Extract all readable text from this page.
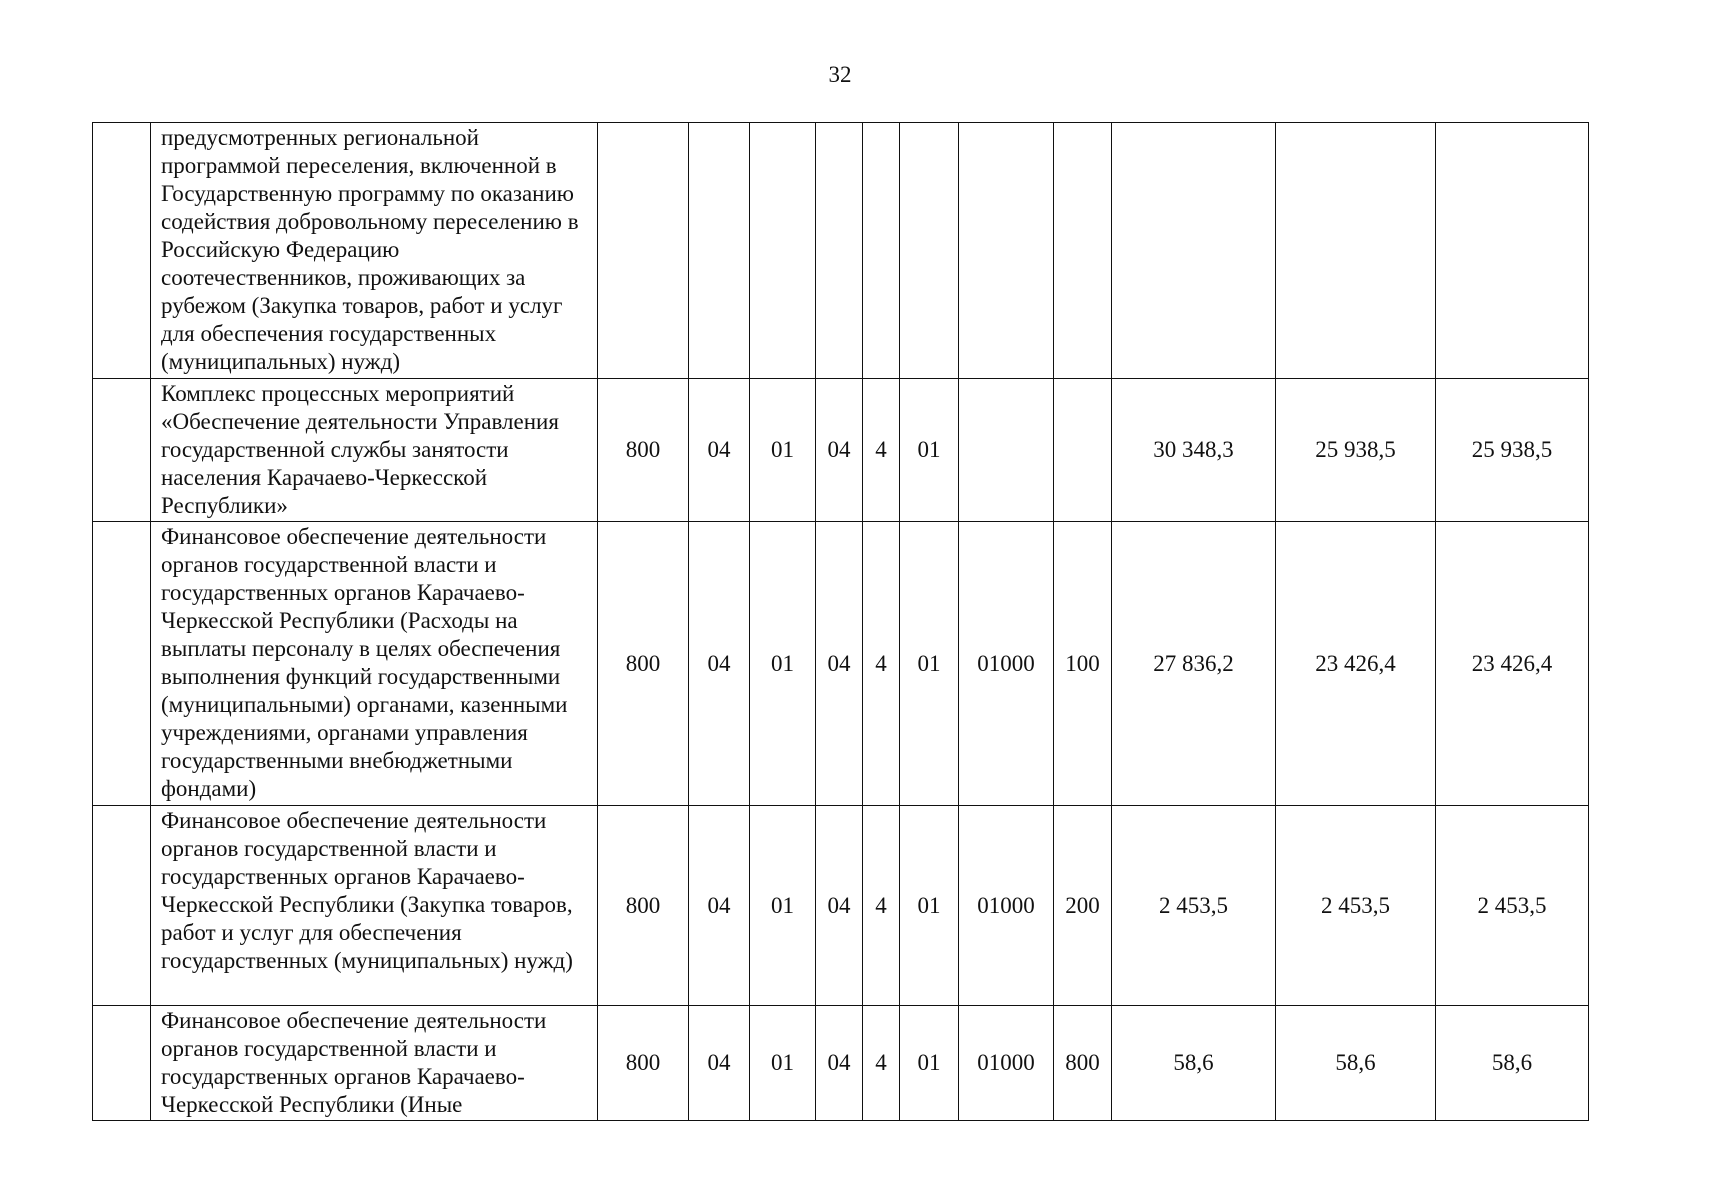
32
	предусмотренных региональной программой переселения, включенной в Государственную программу по оказанию содействия добровольному переселению в Российскую Федерацию соотечественников, проживающих за рубежом (Закупка товаров, работ и услуг для обеспечения государственных (муниципальных) нужд)											
	Комплекс процессных мероприятий «Обеспечение деятельности Управления государственной службы занятости населения Карачаево-Черкесской Республики»	800	04	01	04	4	01			30 348,3	25 938,5	25 938,5
	Финансовое обеспечение деятельности органов государственной власти и государственных органов Карачаево-Черкесской Республики (Расходы на выплаты персоналу в целях обеспечения выполнения функций государственными (муниципальными) органами, казенными учреждениями, органами управления государственными внебюджетными фондами)	800	04	01	04	4	01	01000	100	27 836,2	23 426,4	23 426,4
	Финансовое обеспечение деятельности органов государственной власти и государственных органов Карачаево-Черкесской Республики (Закупка товаров, работ и услуг для обеспечения государственных (муниципальных) нужд)	800	04	01	04	4	01	01000	200	2 453,5	2 453,5	2 453,5
	Финансовое обеспечение деятельности органов государственной власти и государственных органов Карачаево-Черкесской Республики (Иные	800	04	01	04	4	01	01000	800	58,6	58,6	58,6
